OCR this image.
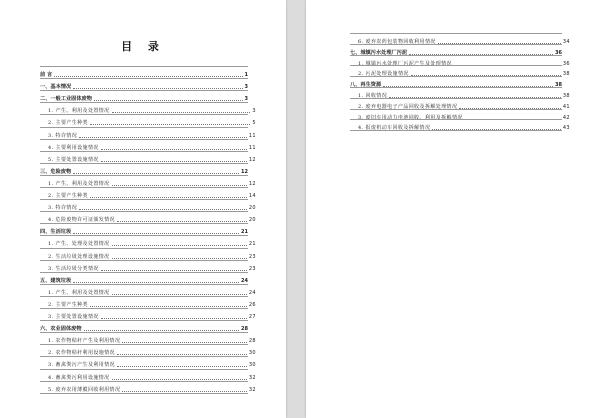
目 录
前 言	1
一、基本情况	3
二、一般工业固体废物	3
1. 产生、利用及处置情况	3
2. 主要产生种类	5
3. 特许情况	11
4. 主要利用设施情况	11
5. 主要处置设施情况	12
三、危险废物	12
1. 产生、利用及处置情况	12
2. 主要产生种类	14
3. 特许情况	20
4. 危险废物许可证颁发情况	20
四、生活垃圾	21
1. 产生、处理及处置情况	21
2. 生活垃圾处理设施情况	23
3. 生活垃圾分类情况	23
五、建筑垃圾	24
1. 产生、利用及处置情况	24
2. 主要产生种类	26
3. 主要处置设施情况	27
六、农业固体废物	28
1. 农作物秸秆产生及利用情况	28
2. 农作物秸秆利用设施情况	30
3. 畜禽粪污产生及利用情况	30
4. 畜禽粪污利用设施情况	32
5. 废弃农用薄膜回收利用情况	32
6. 废弃农药包装物回收利用情况	34
七、城镇污水处理厂污泥	36
1. 城镇污水处理厂污泥产生及处理情况	36
2. 污泥处理设施情况	38
八、再生资源	38
1. 回收情况	38
2. 废弃电器电子产品回收及拆解处理情况	41
3. 废旧车用动力电池回收、利用及拆解情况	42
4. 报废机动车回收及拆解情况	43
